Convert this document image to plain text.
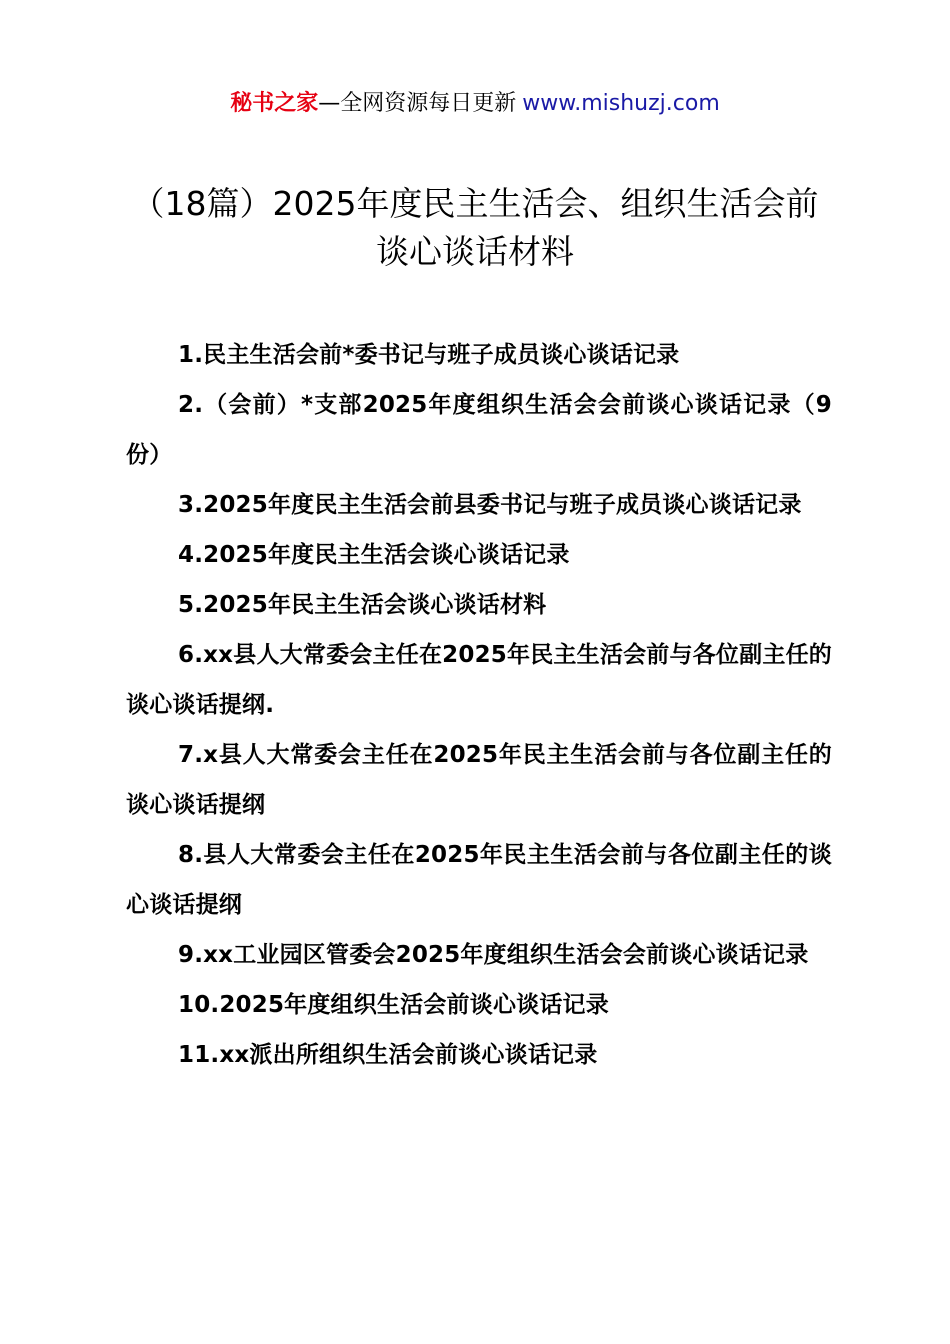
秘书之家—全网资源每日更新 www.mishuzj.com
（18篇）2025年度民主生活会、组织生活会前谈心谈话材料
1.民主生活会前*委书记与班子成员谈心谈话记录
2.（会前）*支部2025年度组织生活会会前谈心谈话记录（9份）
3.2025年度民主生活会前县委书记与班子成员谈心谈话记录
4.2025年度民主生活会谈心谈话记录
5.2025年民主生活会谈心谈话材料
6.xx县人大常委会主任在2025年民主生活会前与各位副主任的谈心谈话提纲.
7.x县人大常委会主任在2025年民主生活会前与各位副主任的谈心谈话提纲
8.县人大常委会主任在2025年民主生活会前与各位副主任的谈心谈话提纲
9.xx工业园区管委会2025年度组织生活会会前谈心谈话记录
10.2025年度组织生活会前谈心谈话记录
11.xx派出所组织生活会前谈心谈话记录
